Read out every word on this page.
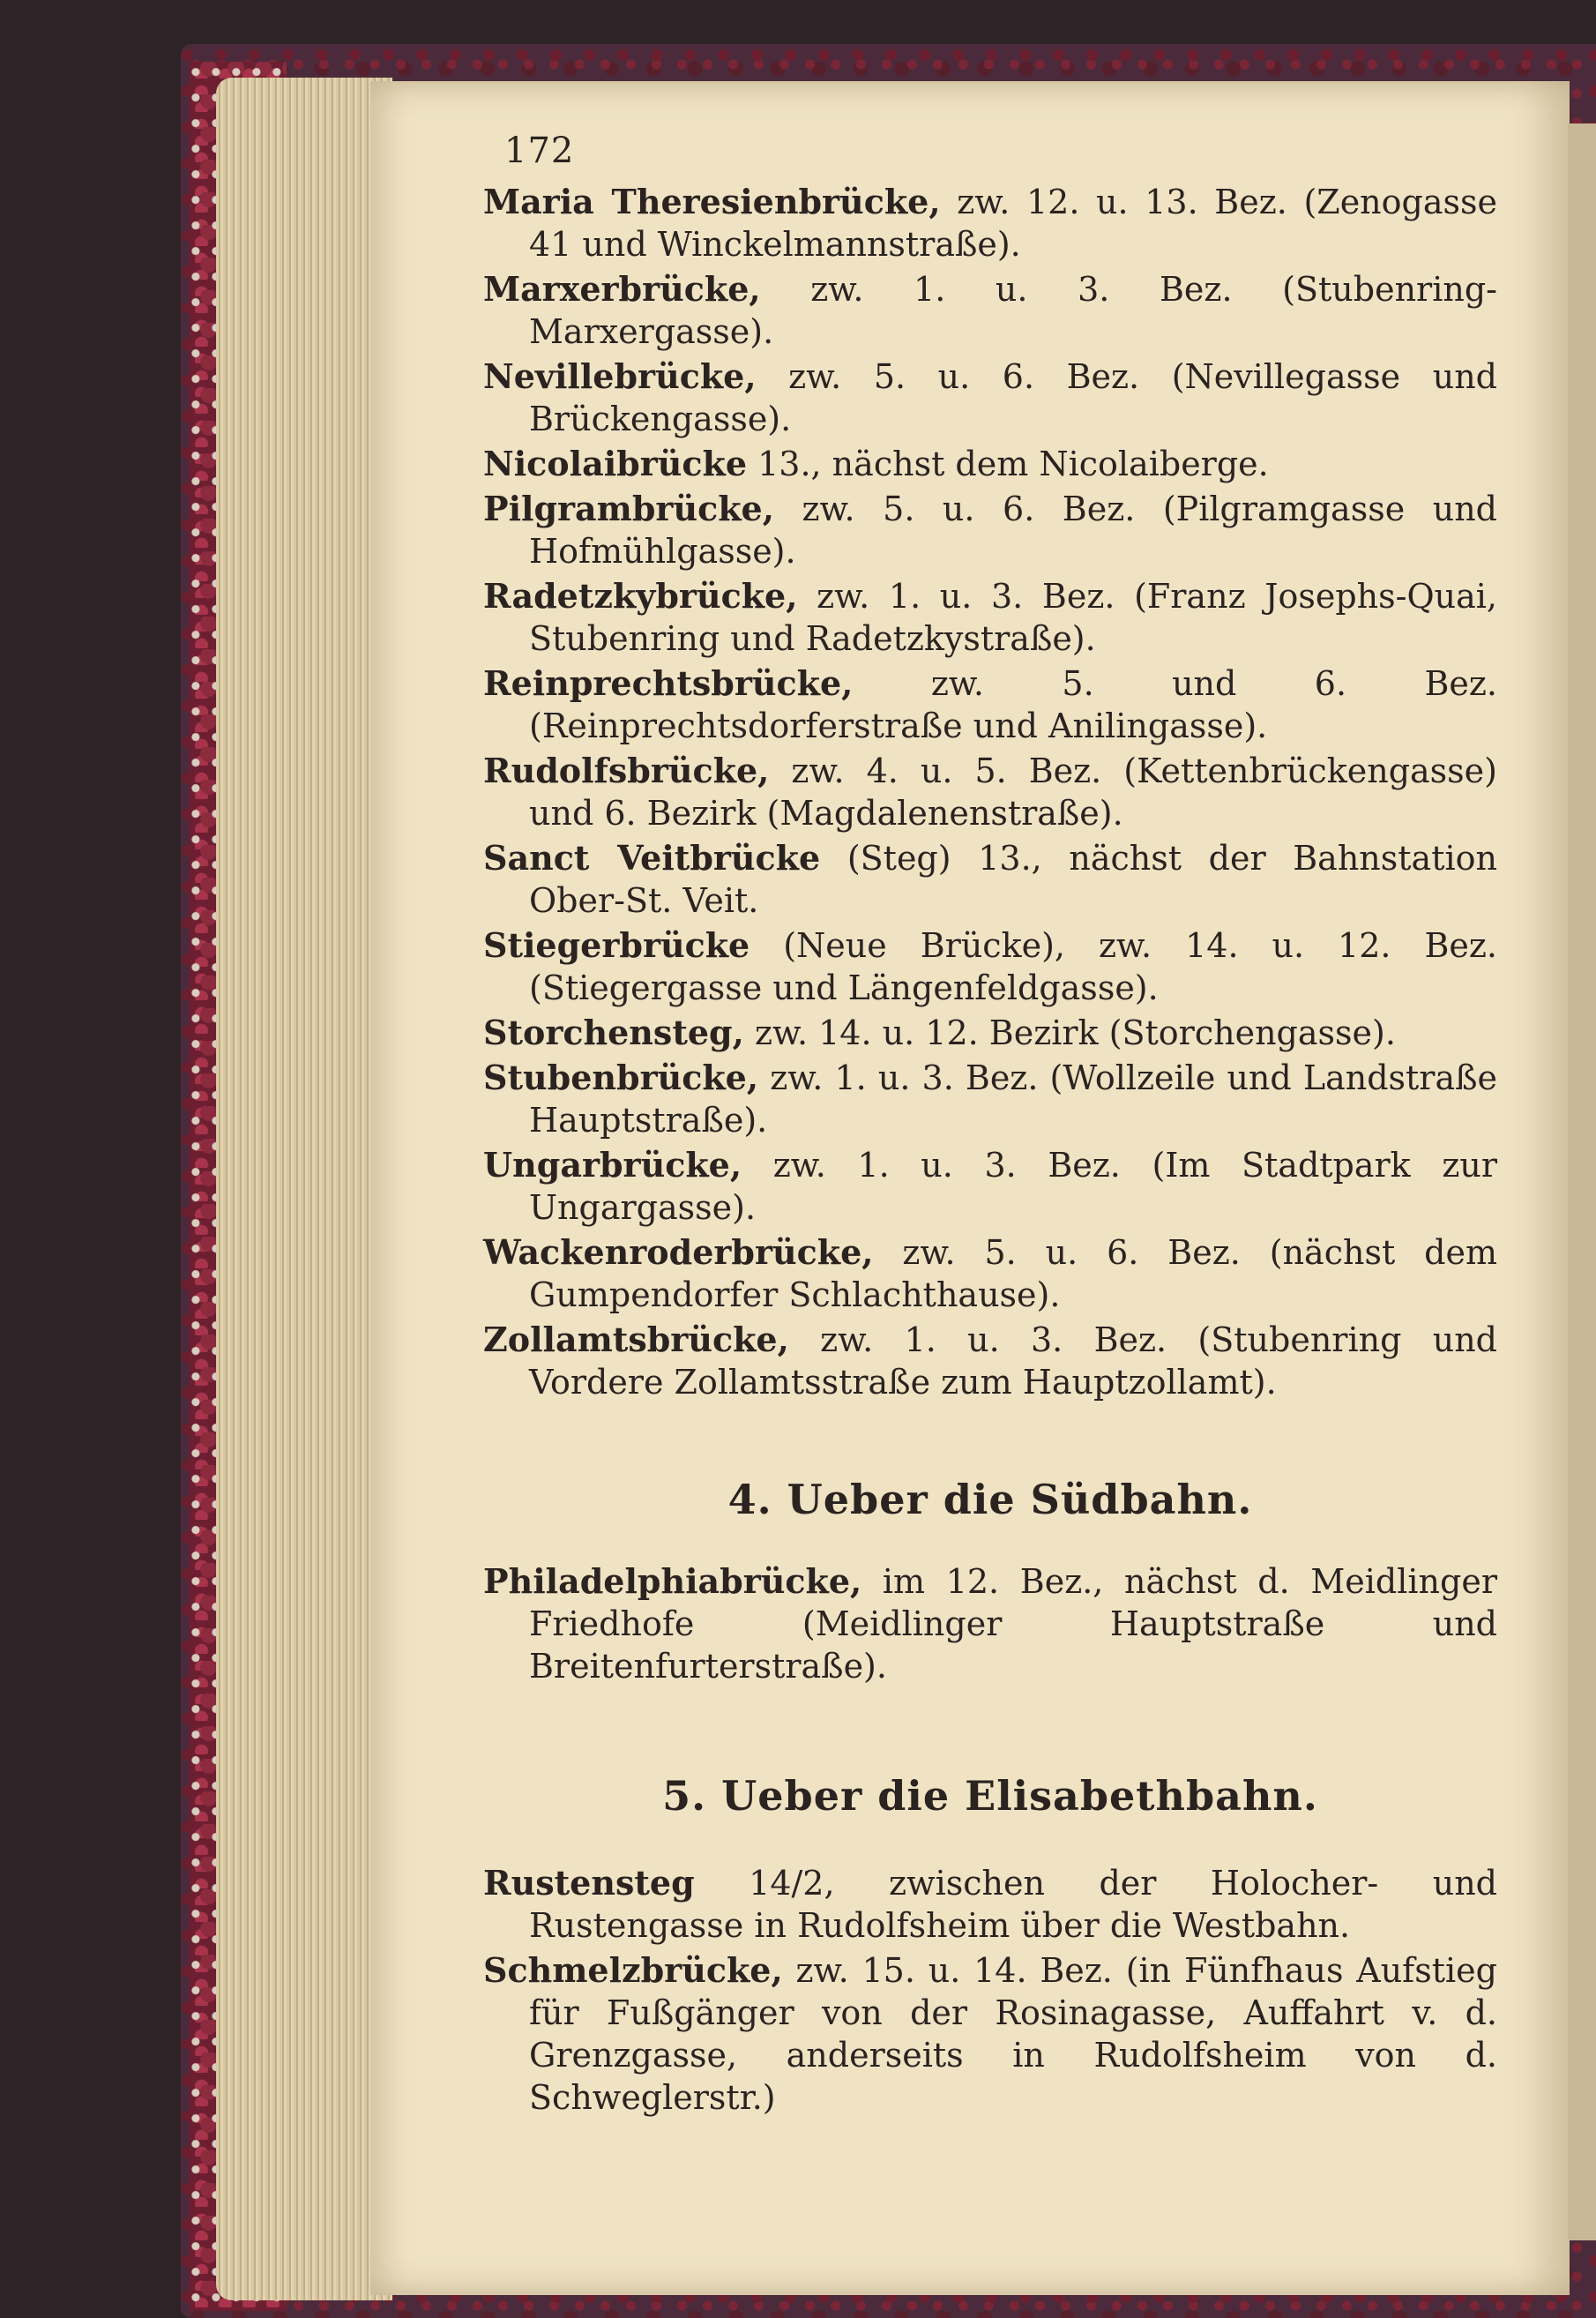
172
Maria Theresienbrücke, zw. 12. u. 13. Bez. (Zenogasse 41 und Winckelmannstraße).
Marxerbrücke, zw. 1. u. 3. Bez. (Stubenring-Marxergasse).
Nevillebrücke, zw. 5. u. 6. Bez. (Nevillegasse und Brückengasse).
Nicolaibrücke 13., nächst dem Nicolaiberge.
Pilgrambrücke, zw. 5. u. 6. Bez. (Pilgramgasse und Hofmühlgasse).
Radetzkybrücke, zw. 1. u. 3. Bez. (Franz Josephs-Quai, Stubenring und Radetzkystraße).
Reinprechtsbrücke, zw. 5. und 6. Bez. (Reinprechtsdorferstraße und Anilingasse).
Rudolfsbrücke, zw. 4. u. 5. Bez. (Kettenbrückengasse) und 6. Bezirk (Magdalenenstraße).
Sanct Veitbrücke (Steg) 13., nächst der Bahnstation Ober-St. Veit.
Stiegerbrücke (Neue Brücke), zw. 14. u. 12. Bez. (Stiegergasse und Längenfeldgasse).
Storchensteg, zw. 14. u. 12. Bezirk (Storchengasse).
Stubenbrücke, zw. 1. u. 3. Bez. (Wollzeile und Landstraße Hauptstraße).
Ungarbrücke, zw. 1. u. 3. Bez. (Im Stadtpark zur Ungargasse).
Wackenroderbrücke, zw. 5. u. 6. Bez. (nächst dem Gumpendorfer Schlachthause).
Zollamtsbrücke, zw. 1. u. 3. Bez. (Stubenring und Vordere Zollamtsstraße zum Hauptzollamt).
4. Ueber die Südbahn.
Philadelphiabrücke, im 12. Bez., nächst d. Meidlinger Friedhofe (Meidlinger Hauptstraße und Breitenfurterstraße).
5. Ueber die Elisabethbahn.
Rustensteg 14/2, zwischen der Holocher- und Rustengasse in Rudolfsheim über die Westbahn.
Schmelzbrücke, zw. 15. u. 14. Bez. (in Fünfhaus Aufstieg für Fußgänger von der Rosinagasse, Auffahrt v. d. Grenzgasse, anderseits in Rudolfsheim von d. Schweglerstr.)
